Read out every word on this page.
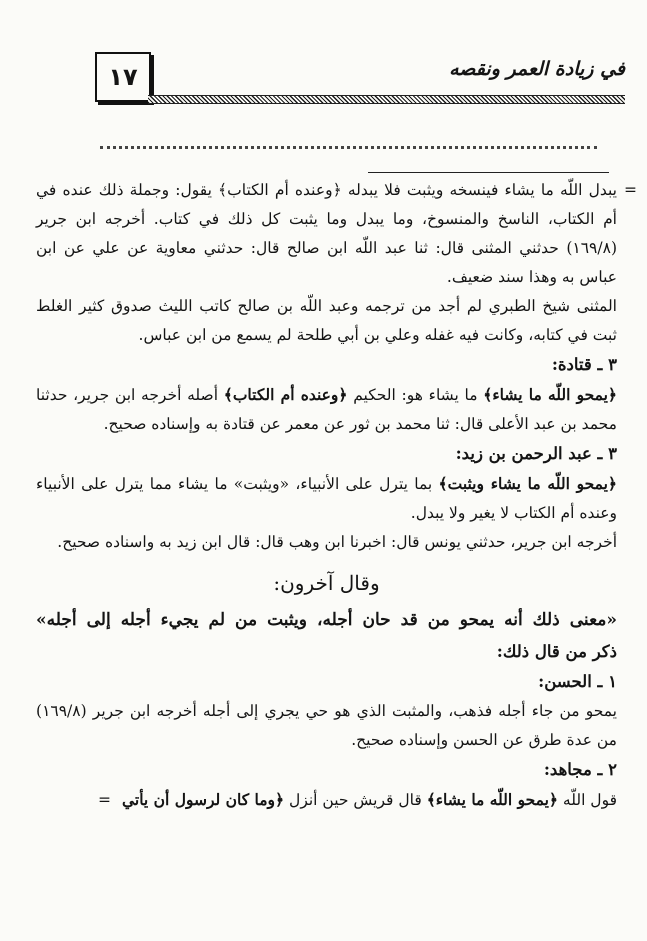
١٧	في زيادة العمر ونقصه

= يبدل اللّه ما يشاء فينسخه ويثبت فلا يبدله ﴿وعنده أم الكتاب﴾ يقول: وجملة ذلك عنده في أم الكتاب، الناسخ والمنسوخ، وما يبدل وما يثبت كل ذلك في كتاب. أخرجه ابن جرير (١٦٩/٨) حدثني المثنى قال: ثنا عبد اللّه ابن صالح قال: حدثني معاوية عن علي عن ابن عباس به وهذا سند ضعيف.

المثنى شيخ الطبري لم أجد من ترجمه وعبد اللّه بن صالح كاتب الليث صدوق كثير الغلط ثبت في كتابه، وكانت فيه غفله وعلي بن أبي طلحة لم يسمع من ابن عباس.

٣ ـ قتادة:

﴿يمحو اللّه ما يشاء﴾ ما يشاء هو: الحكيم ﴿وعنده أم الكتاب﴾ أصله أخرجه ابن جرير، حدثنا محمد بن عبد الأعلى قال: ثنا محمد بن ثور عن معمر عن قتادة به وإسناده صحيح.

٣ ـ عبد الرحمن بن زيد:

﴿يمحو اللّه ما يشاء ويثبت﴾ بما يترل على الأنبياء، «ويثبت» ما يشاء مما يترل على الأنبياء وعنده أم الكتاب لا يغير ولا يبدل.

أخرجه ابن جرير، حدثني يونس قال: اخبرنا ابن وهب قال: قال ابن زيد به واسناده صحيح.

وقال آخرون:

«معنى ذلك أنه يمحو من قد حان أجله، ويثبت من لم يجيء أجله إلى أجله»

ذكر من قال ذلك:
١ ـ الحسن:

يمحو من جاء أجله فذهب، والمثبت الذي هو حي يجري إلى أجله أخرجه ابن جرير (١٦٩/٨) من عدة طرق عن الحسن وإسناده صحيح.

٢ ـ مجاهد:

قول اللّه ﴿يمحو اللّه ما يشاء﴾ قال قريش حين أنزل ﴿وما كان لرسول أن يأتي =
